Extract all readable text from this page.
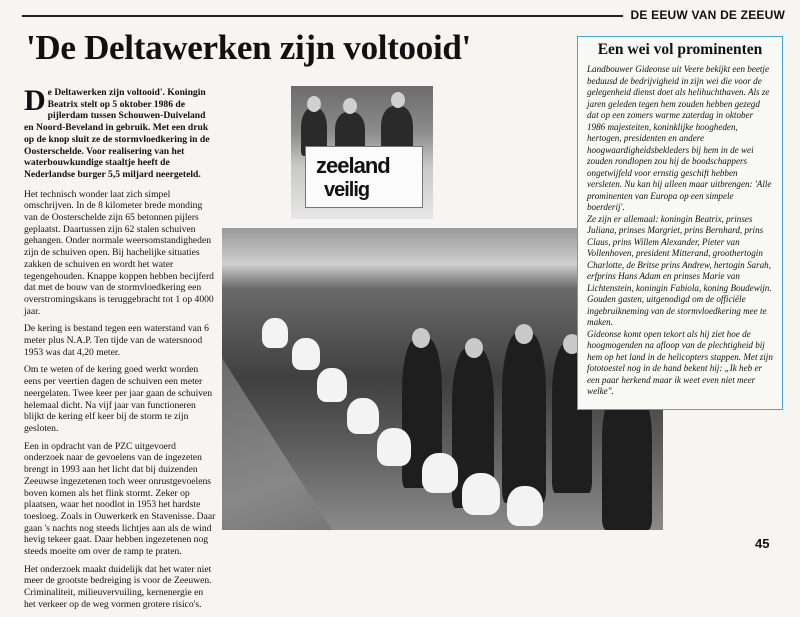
DE EEUW VAN DE ZEEUW
'De Deltawerken zijn voltooid'

De Deltawerken zijn voltooid'. Koningin Beatrix stelt op 5 oktober 1986 de pijlerdam tussen Schouwen-Duiveland en Noord-Beveland in gebruik. Met een druk op de knop sluit ze de stormvloedkering in de Oosterschelde. Voor realisering van het waterbouwkundige staaltje heeft de Nederlandse burger 5,5 miljard neergeteld.

Het technisch wonder laat zich simpel omschrijven. In de 8 kilometer brede monding van de Oosterschelde zijn 65 betonnen pijlers geplaatst. Daartussen zijn 62 stalen schuiven gehangen. Onder normale weersomstandigheden zijn de schuiven open. Bij hachelijke situaties zakken de schuiven en wordt het water tegengehouden. Knappe koppen hebben becijferd dat met de bouw van de stormvloedkering een overstromingskans is teruggebracht tot 1 op 4000 jaar.

De kering is bestand tegen een waterstand van 6 meter plus N.A.P. Ten tijde van de watersnood 1953 was dat 4,20 meter.

Om te weten of de kering goed werkt worden eens per veertien dagen de schuiven een meter neergelaten. Twee keer per jaar gaan de schuiven helemaal dicht. Na vijf jaar van functioneren blijkt de kering elf keer bij de storm te zijn gesloten.

Een in opdracht van de PZC uitgevoerd onderzoek naar de gevoelens van de ingezeten brengt in 1993 aan het licht dat bij duizenden Zeeuwse ingezetenen toch weer onrustgevoelens boven komen als het flink stormt. Zeker op plaatsen, waar het noodlot in 1953 het hardste toesloeg. Zoals in Ouwerkerk en Stavenisse. Daar gaan 's nachts nog steeds lichtjes aan als de wind hevig tekeer gaat. Daar hebben ingezetenen nog steeds moeite om over de ramp te praten.

Het onderzoek maakt duidelijk dat het water niet meer de grootste bedreiging is voor de Zeeuwen. Criminaliteit, milieuvervuiling, kernenergie en het verkeer op de weg vormen grotere risico's.

zeeland
veilig
Een wei vol prominenten

Landbouwer Gideonse uit Veere bekijkt een beetje beduusd de bedrijvigheid in zijn wei die voor de gelegenheid dienst doet als helihuchthaven. Als ze jaren geleden tegen hem zouden hebben gezegd dat op een zomers warme zaterdag in oktober 1986 majesteiten, koninklijke hoogheden, hertogen, presidenten en andere hoogwaardigheidsbekleders bij hem in de wei zouden rondlopen zou hij de boodschappers ongetwijfeld voor ernstig geschift hebben versleten. Nu kan hij alleen maar uitbrengen: 'Alle prominenten van Europa op een simpele boerderij'.

Ze zijn er allemaal: koningin Beatrix, prinses Juliana, prinses Margriet, prins Bernhard, prins Claus, prins Willem Alexander, Pieter van Vollenhoven, president Mitterand, groothertogin Charlotte, de Britse prins Andrew, hertogin Sarah, erfprins Hans Adam en prinses Marie van Lichtenstein, koningin Fabiola, koning Boudewijn. Gouden gasten, uitgenodigd om de officiële ingebruikneming van de stormvloedkering mee te maken.

Gideonse komt open tekort als hij ziet hoe de hoogmogenden na afloop van de plechtigheid bij hem op het land in de helicopters stappen. Met zijn fototoestel nog in de hand bekent hij: „Ik heb er een paar herkend maar ik weet even niet meer welke".

45
